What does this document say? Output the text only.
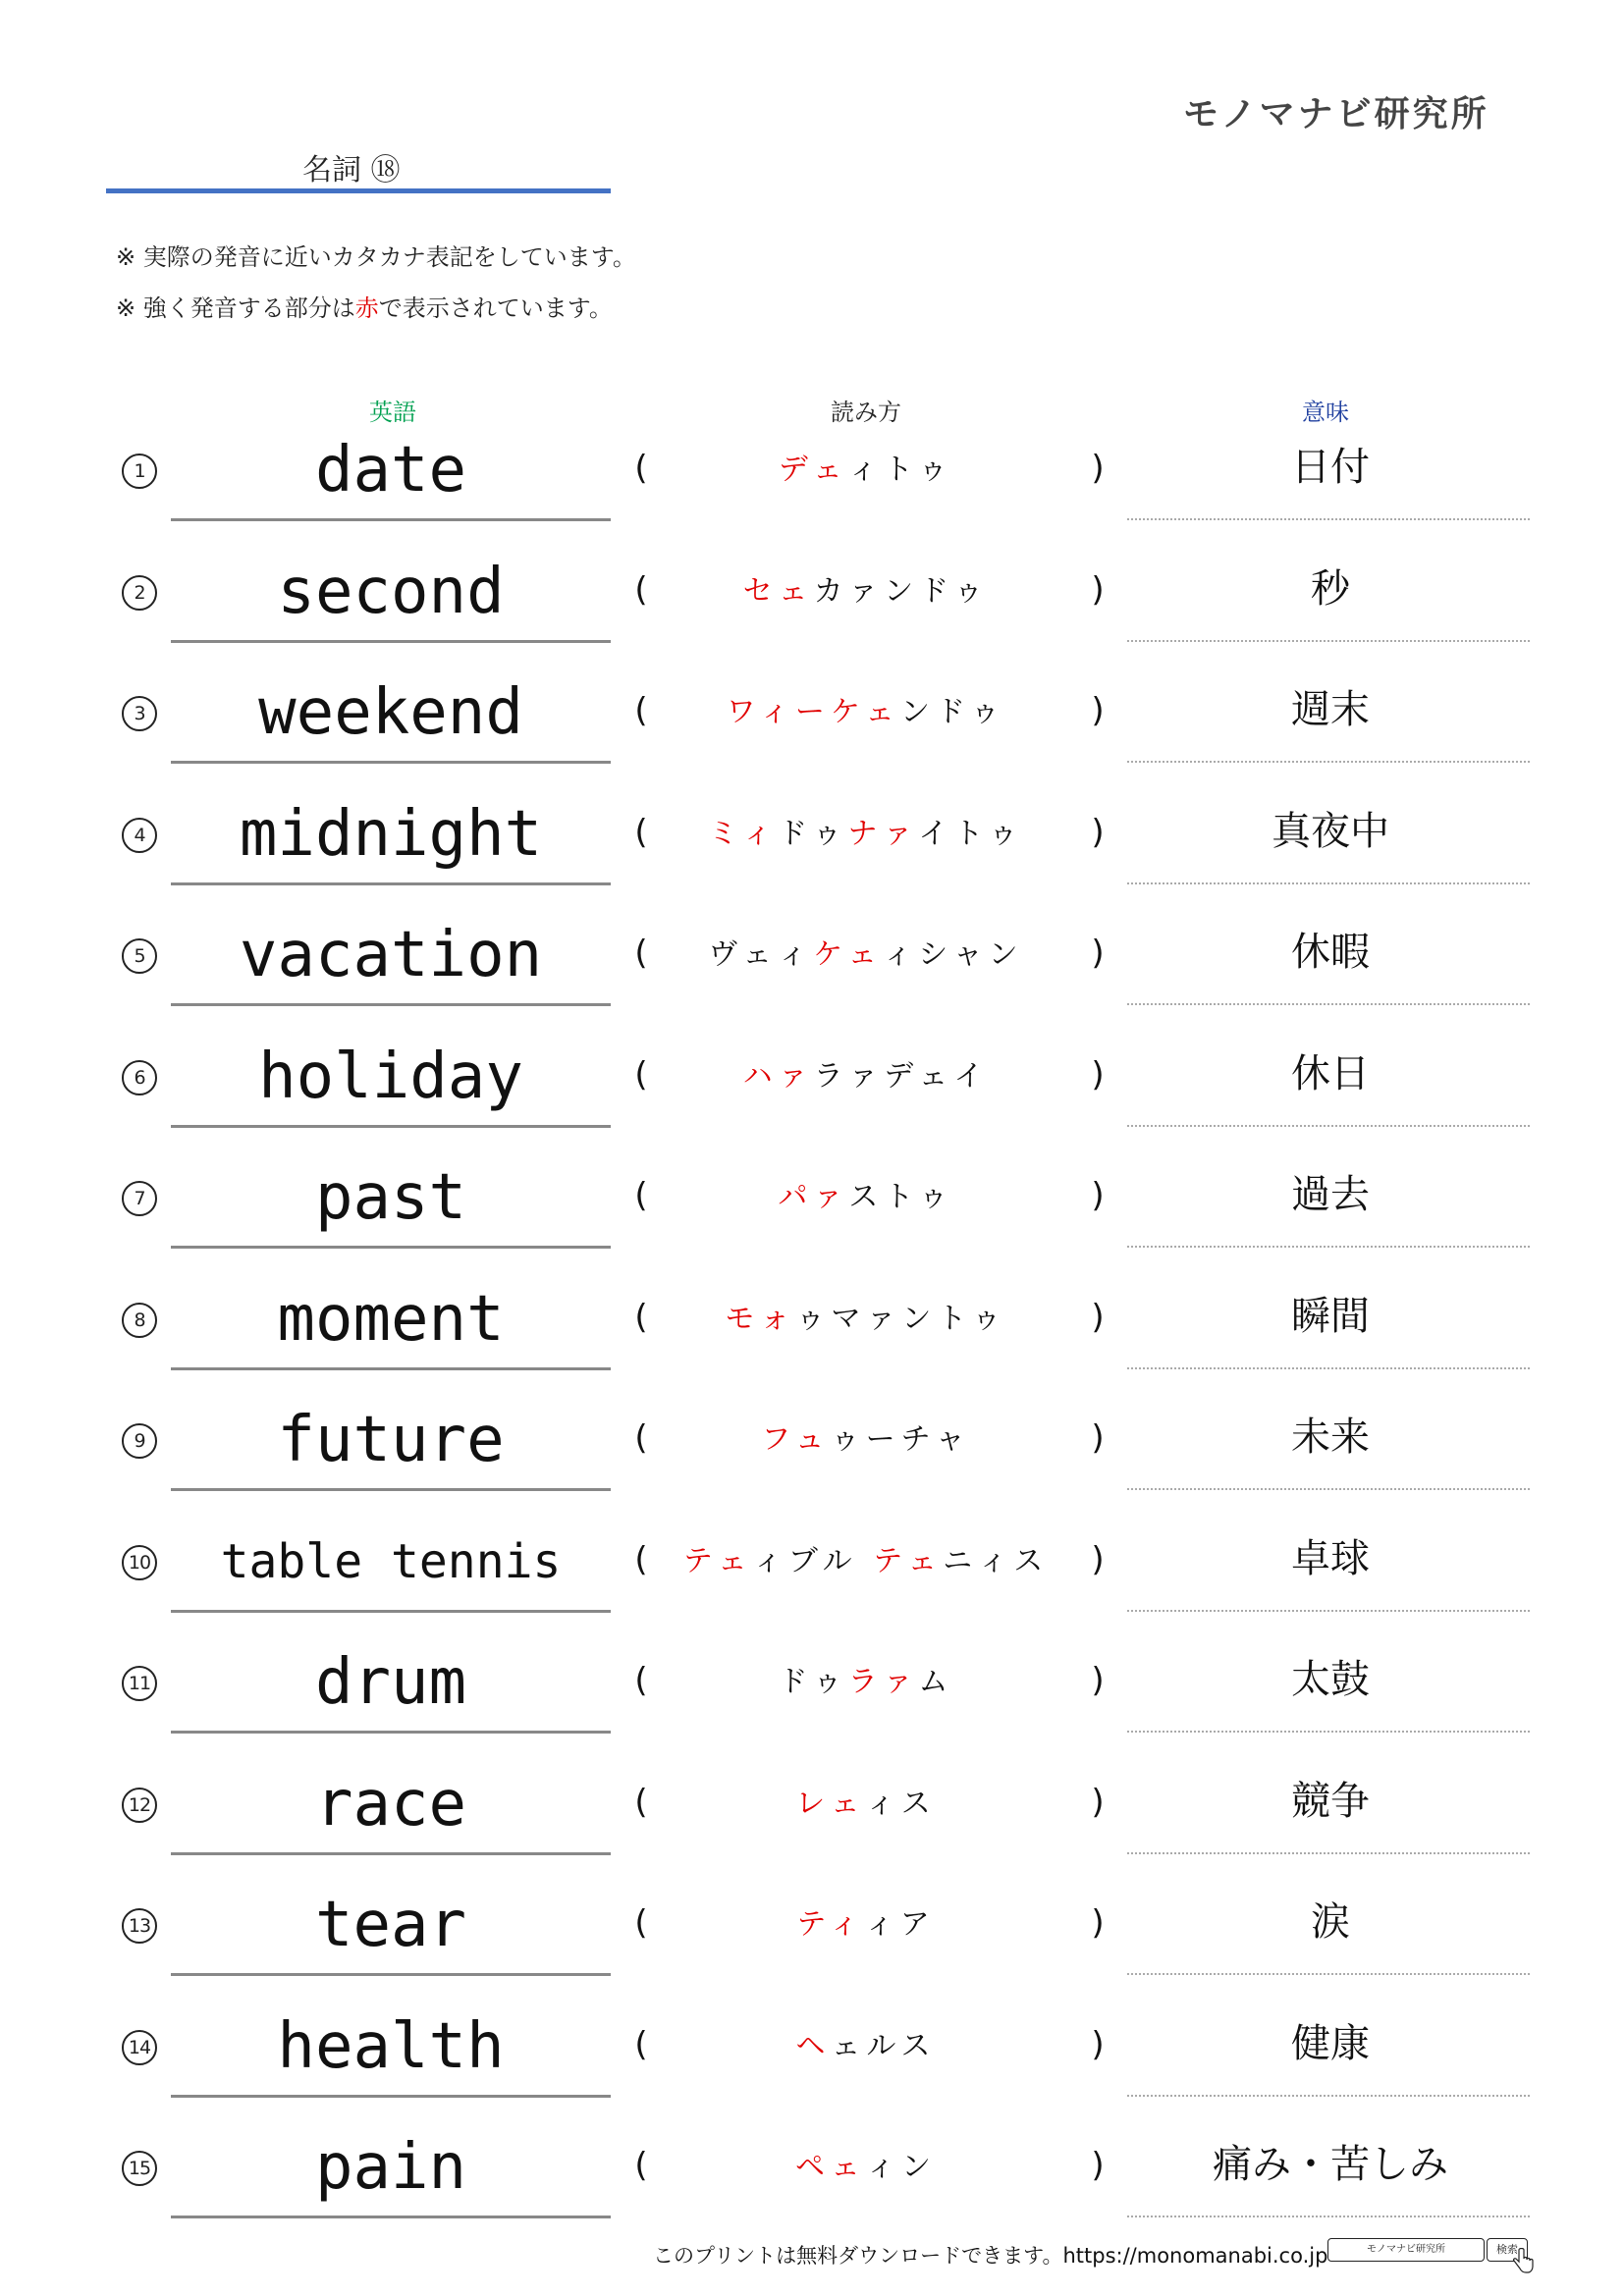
モノマナビ研究所
名詞 ⑱
※ 実際の発音に近いカタカナ表記をしています。
※ 強く発音する部分は赤で表示されています。
英語	読み方	意味
1	date	(	デェィトゥ	)	日付
2	second	(	セェカァンドゥ	)	秒
3	weekend	(	ワィーケェンドゥ	)	週末
4	midnight	(	ミィドゥナァイトゥ	)	真夜中
5	vacation	(	ヴェィケェィシャン	)	休暇
6	holiday	(	ハァラァデェイ	)	休日
7	past	(	パァストゥ	)	過去
8	moment	(	モォゥマァントゥ	)	瞬間
9	future	(	フュゥーチャ	)	未来
10	table tennis	(	テェィブル テェニィス	)	卓球
11	drum	(	ドゥラァム	)	太鼓
12	race	(	レェィス	)	競争
13	tear	(	ティィア	)	涙
14	health	(	ヘェルス	)	健康
15	pain	(	ペェィン	)	痛み・苦しみ
このプリントは無料ダウンロードできます。https://monomanabi.co.jp	モノマナビ研究所	検索
